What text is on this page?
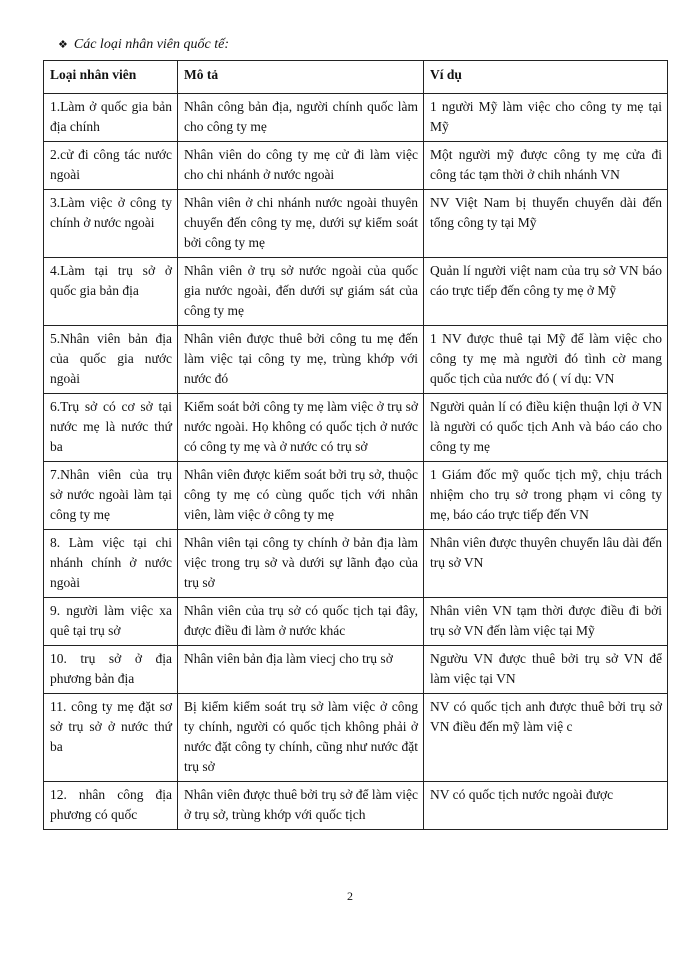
❖ Các loại nhân viên quốc tế:
Loại nhân viên	Mô tả	Ví dụ
1.Làm ở quốc gia bản địa chính	Nhân công bản địa, người chính quốc làm cho công ty mẹ	1 người Mỹ làm việc cho công ty mẹ tại Mỹ
2.cử đi công tác nước ngoài	Nhân viên do công ty mẹ cử đi làm việc cho chi nhánh ở nước ngoài	Một người mỹ được công ty mẹ cửa đi công tác tạm thời ở chih nhánh VN
3.Làm việc ở công ty chính ở nước ngoài	Nhân viên ở chi nhánh nước ngoài thuyên chuyển đến công ty mẹ, dưới sự kiểm soát bởi công ty mẹ	NV Việt Nam bị thuyển chuyển dài đến tổng công ty tại Mỹ
4.Làm tại trụ sở ở quốc gia bản địa	Nhân viên ở trụ sở nước ngoài của quốc gia nước ngoài, đến dưới sự giám sát của công ty mẹ	Quản lí người việt nam của trụ sở VN báo cáo trực tiếp đến công ty mẹ ở Mỹ
5.Nhân viên bản địa của quốc gia nước ngoài	Nhân viên được thuê bởi công tu mẹ đến làm việc tại công ty mẹ, trùng khớp với nước đó	1 NV được thuê tại Mỹ để làm việc cho công ty mẹ mà người đó tình cờ mang quốc tịch của nước đó ( ví dụ: VN
6.Trụ sở có cơ sở tại nước mẹ là nước thứ ba	Kiểm soát bởi công ty mẹ làm việc ở trụ sở nước ngoài. Họ không có quốc tịch ở nước có công ty mẹ và ở nước có trụ sở	Người quản lí có điều kiện thuận lợi ở VN là người có quốc tịch Anh và báo cáo cho công ty mẹ
7.Nhân viên của trụ sở nước ngoài làm tại công ty mẹ	Nhân viên được kiểm soát bởi trụ sở, thuộc công ty mẹ có cùng quốc tịch với nhân viên, làm việc ở công ty mẹ	1 Giám đốc mỹ quốc tịch mỹ, chịu trách nhiệm cho trụ sở trong phạm vi công ty mẹ, báo cáo trực tiếp đến VN
8. Làm việc tại chi nhánh chính ở nước ngoài	Nhân viên tại công ty chính ở bản địa làm việc trong trụ sở và dưới sự lãnh đạo của trụ sở	Nhân viên được thuyên chuyển lâu dài đến trụ sở VN
9. người làm việc xa quê tại trụ sở	Nhân viên của trụ sở có quốc tịch tại đây, được điều đi làm ở nước khác	Nhân viên VN tạm thời được điều đi bởi trụ sở VN đến làm việc tại Mỹ
10. trụ sở ở địa phương bản địa	Nhân viên bản địa làm viecj cho trụ sở	Ngườu VN được thuê bởi trụ sở VN để làm việc tại VN
11. công ty mẹ đặt sơ sở trụ sở ở nước thứ ba	Bị kiểm kiểm soát trụ sở làm việc ở công ty chính, người có quốc tịch không phải ở nước đặt công ty chính, cũng như nước đặt trụ sở	NV có quốc tịch anh được thuê bởi trụ sở VN điều đến mỹ làm việ c
12. nhân công địa phương có quốc	Nhân viên được thuê bởi trụ sở để làm việc ở trụ sở, trùng khớp với quốc tịch	NV có quốc tịch nước ngoài được
2
